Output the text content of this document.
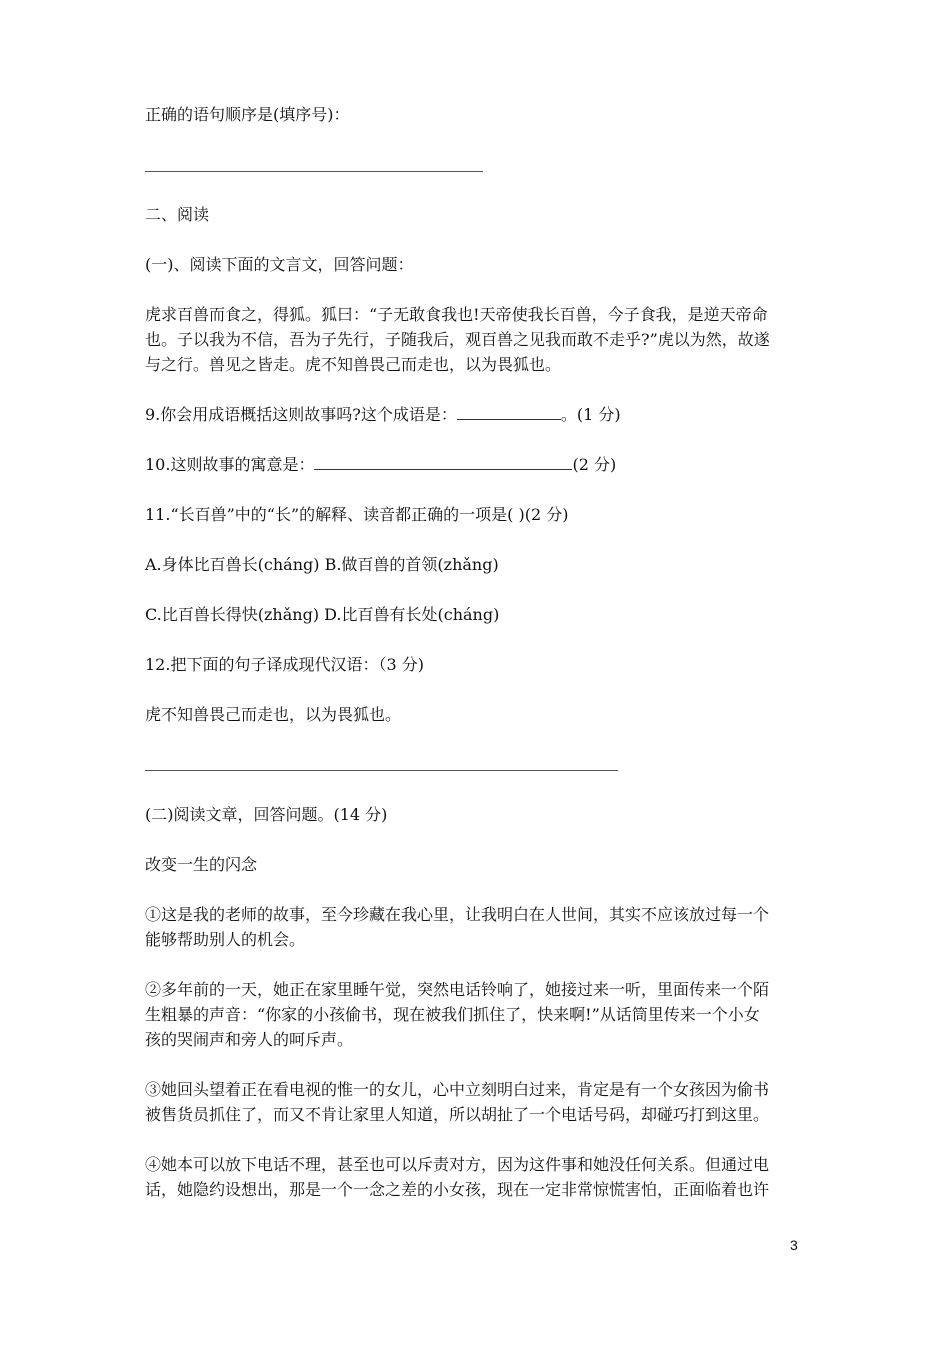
正确的语句顺序是(填序号)：
二、阅读
(一)、阅读下面的文言文，回答问题：
虎求百兽而食之，得狐。狐曰：“子无敢食我也!天帝使我长百兽，今子食我，是逆天帝命
也。子以我为不信，吾为子先行，子随我后，观百兽之见我而敢不走乎?”虎以为然，故遂
与之行。兽见之皆走。虎不知兽畏己而走也，以为畏狐也。
9.你会用成语概括这则故事吗?这个成语是：	。(1 分)
10.这则故事的寓意是：	(2 分)
11.“长百兽”中的“长”的解释、读音都正确的一项是( )(2 分)
A.身体比百兽长(cháng) B.做百兽的首领(zhǎng)
C.比百兽长得快(zhǎng) D.比百兽有长处(cháng)
12.把下面的句子译成现代汉语：（3 分)
虎不知兽畏己而走也，以为畏狐也。
(二)阅读文章，回答问题。(14 分)
改变一生的闪念
①这是我的老师的故事，至今珍藏在我心里，让我明白在人世间，其实不应该放过每一个
能够帮助别人的机会。
②多年前的一天，她正在家里睡午觉，突然电话铃响了，她接过来一听，里面传来一个陌
生粗暴的声音：“你家的小孩偷书，现在被我们抓住了，快来啊!”从话筒里传来一个小女
孩的哭闹声和旁人的呵斥声。
③她回头望着正在看电视的惟一的女儿，心中立刻明白过来，肯定是有一个女孩因为偷书
被售货员抓住了，而又不肯让家里人知道，所以胡扯了一个电话号码，却碰巧打到这里。
④她本可以放下电话不理，甚至也可以斥责对方，因为这件事和她没任何关系。但通过电
话，她隐约设想出，那是一个一念之差的小女孩，现在一定非常惊慌害怕，正面临着也许
3
